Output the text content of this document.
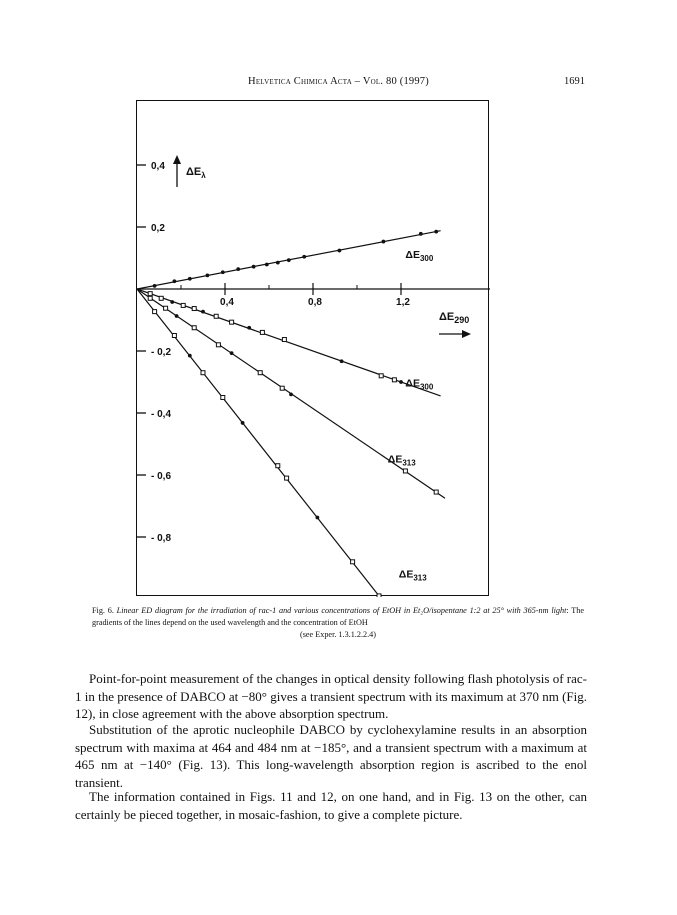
Helvetica Chimica Acta – Vol. 80 (1997)	1691
0,4	0,8	1,2
0,4
0,2
- 0,2
- 0,4
- 0,6
- 0,8
$\Delta E_{300}$
$\Delta E_{300}$
$\Delta E_{313}$
$\Delta E_{313}$
$\Delta E_\lambda$
$\Delta E_{290}$
Fig. 6. Linear ED diagram for the irradiation of rac-1 and various concentrations of EtOH in Et₂O/isopentane 1:2 at 25° with 365-nm light: The gradients of the lines depend on the used wavelength and the concentration of EtOH
(see Exper. 1.3.1.2.2.4)

Point-for-point measurement of the changes in optical density following flash photolysis of rac-1 in the presence of DABCO at −80° gives a transient spectrum with its maximum at 370 nm (Fig. 12), in close agreement with the above absorption spectrum.

Substitution of the aprotic nucleophile DABCO by cyclohexylamine results in an absorption spectrum with maxima at 464 and 484 nm at −185°, and a transient spectrum with a maximum at 465 nm at −140° (Fig. 13). This long-wavelength absorption region is ascribed to the enol transient.

The information contained in Figs. 11 and 12, on one hand, and in Fig. 13 on the other, can certainly be pieced together, in mosaic-fashion, to give a complete picture.
